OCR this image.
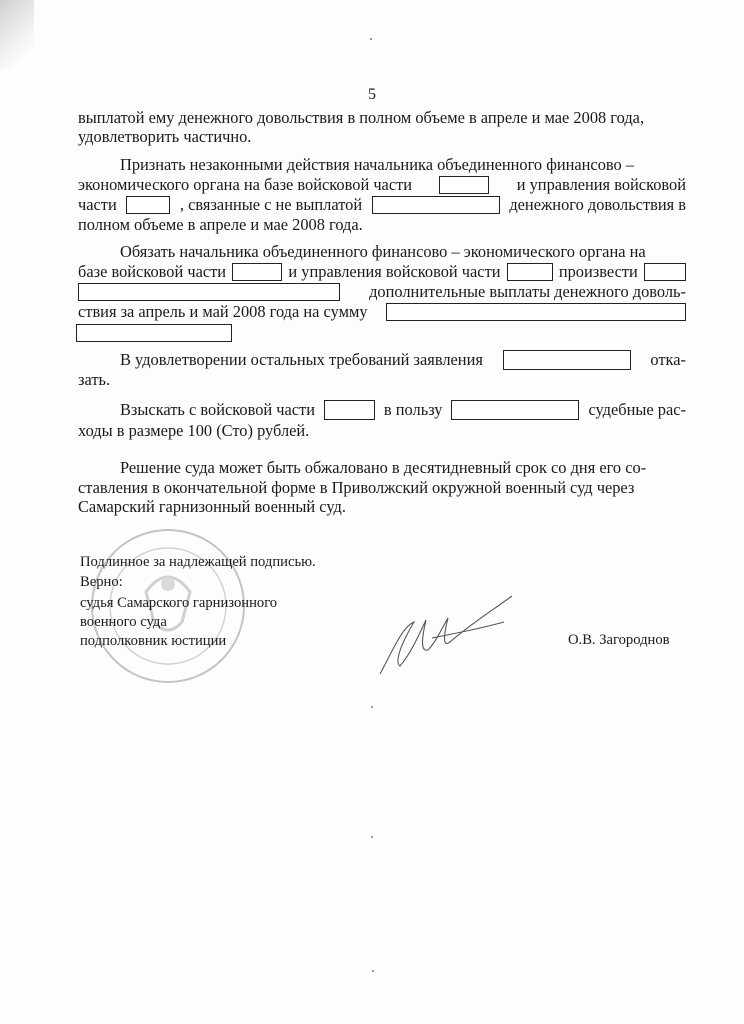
5
выплатой ему денежного довольствия в полном объеме в апреле и мае 2008 года,
удовлетворить частично.
Признать незаконными действия начальника объединенного финансово –
экономического органа на базе войсковой части	и управления войсковой
части	, связанные с не выплатой	денежного довольствия в
полном объеме в апреле и мае 2008 года.
Обязать начальника объединенного финансово – экономического органа на
базе войсковой части	и управления войсковой части	произвести
дополнительные выплаты денежного доволь-
ствия за апрель и май 2008 года на сумму
В удовлетворении остальных требований заявления	отка-
зать.
Взыскать с войсковой части	в пользу	судебные рас-
ходы в размере 100 (Сто) рублей.
Решение суда может быть обжаловано в десятидневный срок со дня его со-
ставления в окончательной форме в Приволжский окружной военный суд через
Самарский гарнизонный военный суд.
Подлинное за надлежащей подписью.
Верно:
судья Самарского гарнизонного
военного суда
подполковник юстиции	О.В. Загороднов
